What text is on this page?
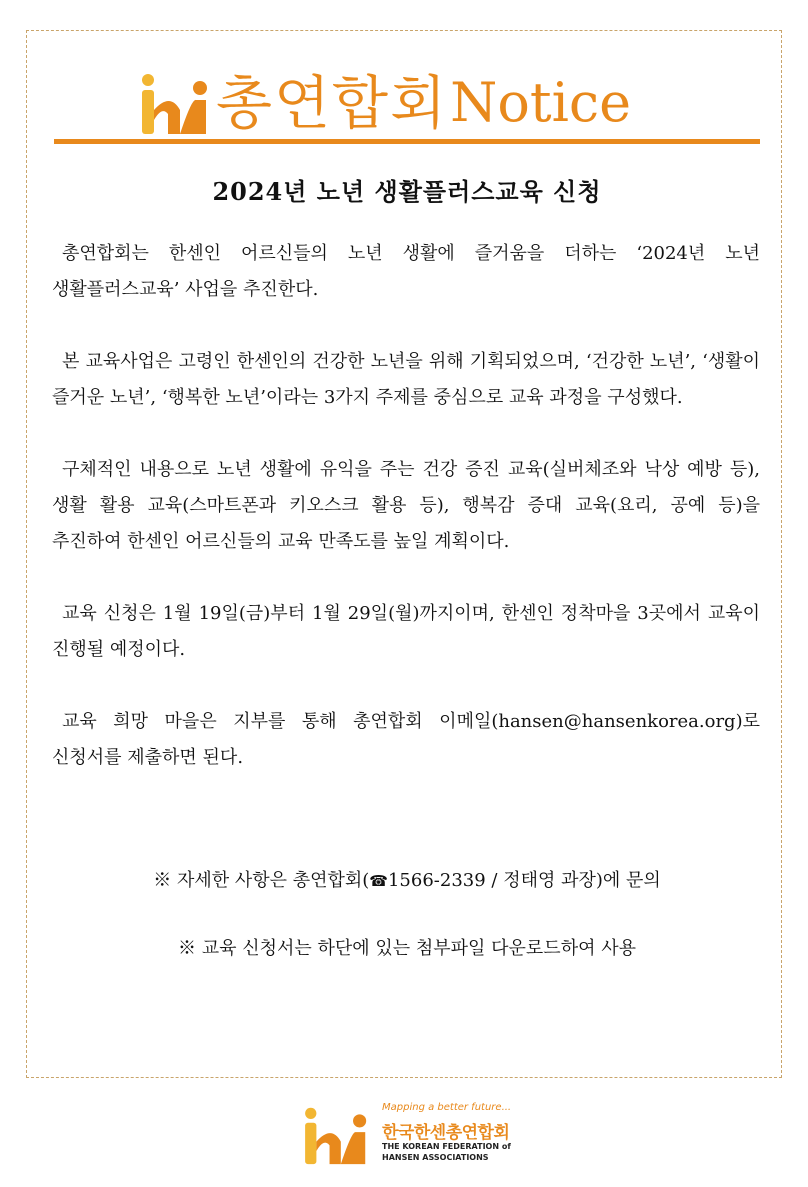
총연합회 Notice
2024년 노년 생활플러스교육 신청

총연합회는 한센인 어르신들의 노년 생활에 즐거움을 더하는 ‘2024년 노년 생활플러스교육’ 사업을 추진한다.

본 교육사업은 고령인 한센인의 건강한 노년을 위해 기획되었으며, ‘건강한 노년’, ‘생활이 즐거운 노년’, ‘행복한 노년’이라는 3가지 주제를 중심으로 교육 과정을 구성했다.

구체적인 내용으로 노년 생활에 유익을 주는 건강 증진 교육(실버체조와 낙상 예방 등), 생활 활용 교육(스마트폰과 키오스크 활용 등), 행복감 증대 교육(요리, 공예 등)을 추진하여 한센인 어르신들의 교육 만족도를 높일 계획이다.

교육 신청은 1월 19일(금)부터 1월 29일(월)까지이며, 한센인 정착마을 3곳에서 교육이 진행될 예정이다.

교육 희망 마을은 지부를 통해 총연합회 이메일(hansen@hansenkorea.org)로 신청서를 제출하면 된다.

※ 자세한 사항은 총연합회(☎1566-2339 / 정태영 과장)에 문의
※ 교육 신청서는 하단에 있는 첨부파일 다운로드하여 사용
Mapping a better future...
한국한센총연합회
THE KOREAN FEDERATION of
HANSEN ASSOCIATIONS
